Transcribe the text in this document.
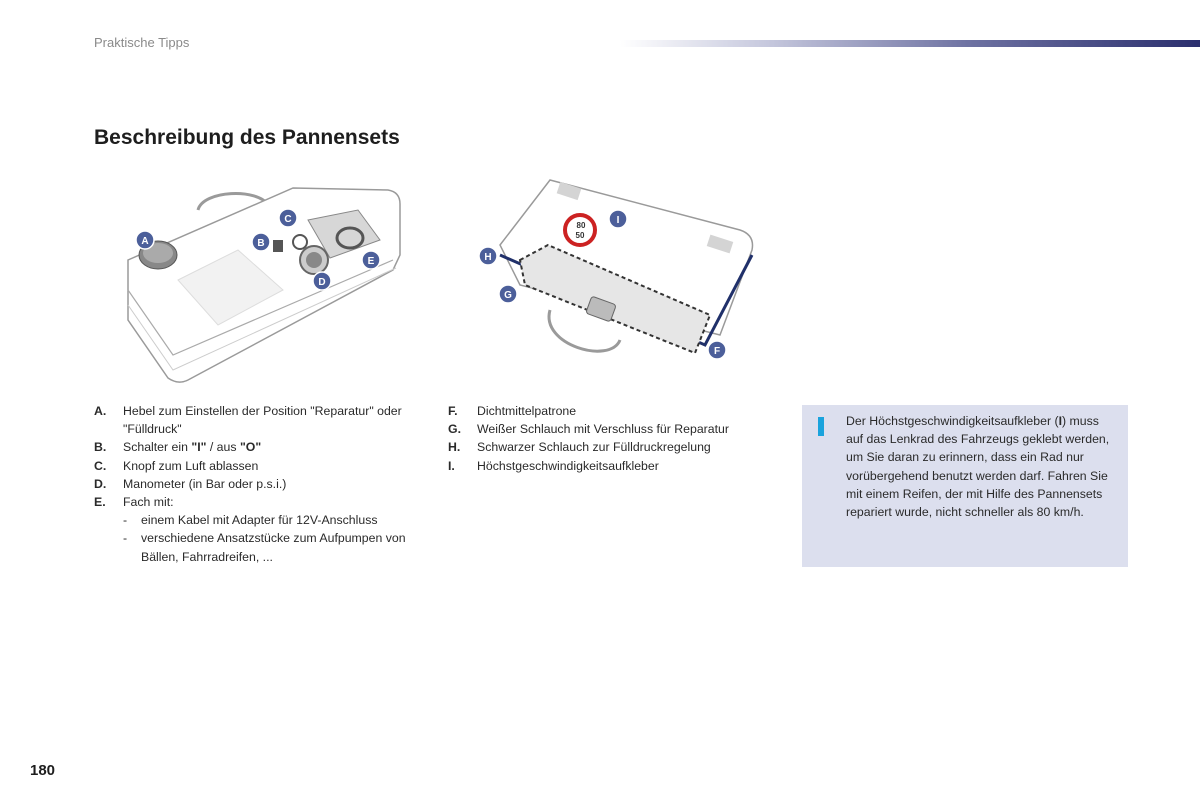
Praktische Tipps
Beschreibung des Pannensets
A	B
C
D
E
80
50
H
I
G
F
A.	Hebel zum Einstellen der Position "Reparatur" oder "Fülldruck"
B.	Schalter ein "I" / aus "O"
C.	Knopf zum Luft ablassen
D.	Manometer (in Bar oder p.s.i.)
E.	Fach mit:
-	einem Kabel mit Adapter für 12V-Anschluss
-	verschiedene Ansatzstücke zum Aufpumpen von Bällen, Fahrradreifen, ...
F.	Dichtmittelpatrone
G.	Weißer Schlauch mit Verschluss für Reparatur
H.	Schwarzer Schlauch zur Fülldruckregelung
I.	Höchstgeschwindigkeitsaufkleber
Der Höchstgeschwindigkeitsaufkleber (I) muss auf das Lenkrad des Fahrzeugs geklebt werden, um Sie daran zu erinnern, dass ein Rad nur vorübergehend benutzt werden darf. Fahren Sie mit einem Reifen, der mit Hilfe des Pannensets repariert wurde, nicht schneller als 80 km/h.
180
